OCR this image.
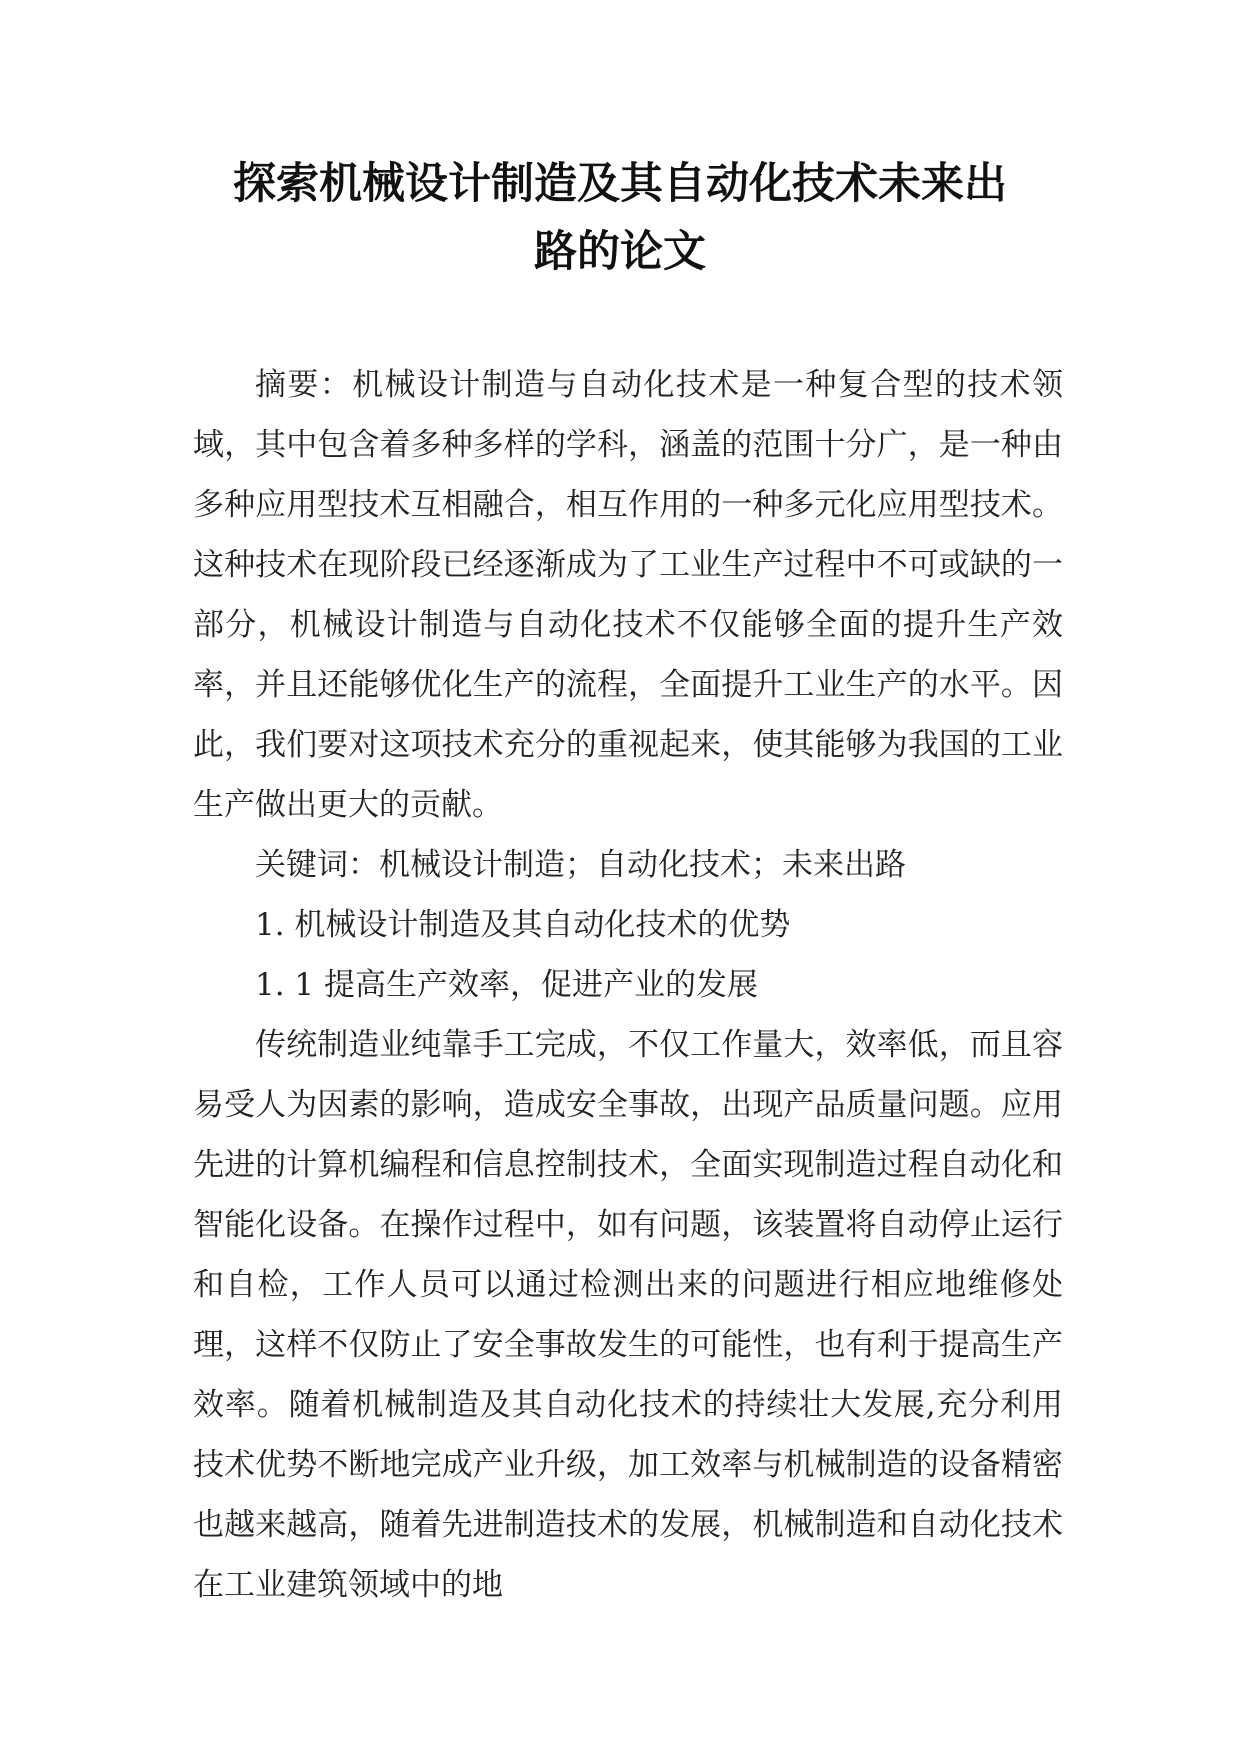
探索机械设计制造及其自动化技术未来出
路的论文

摘要：机械设计制造与自动化技术是一种复合型的技术领域，其中包含着多种多样的学科，涵盖的范围十分广，是一种由多种应用型技术互相融合，相互作用的一种多元化应用型技术。这种技术在现阶段已经逐渐成为了工业生产过程中不可或缺的一部分，机械设计制造与自动化技术不仅能够全面的提升生产效率，并且还能够优化生产的流程，全面提升工业生产的水平。因此，我们要对这项技术充分的重视起来，使其能够为我国的工业生产做出更大的贡献。

关键词：机械设计制造；自动化技术；未来出路

1. 机械设计制造及其自动化技术的优势

1. 1 提高生产效率，促进产业的发展

传统制造业纯靠手工完成，不仅工作量大，效率低，而且容易受人为因素的影响，造成安全事故，出现产品质量问题。应用先进的计算机编程和信息控制技术，全面实现制造过程自动化和智能化设备。在操作过程中，如有问题，该装置将自动停止运行和自检，工作人员可以通过检测出来的问题进行相应地维修处理，这样不仅防止了安全事故发生的可能性，也有利于提高生产效率。随着机械制造及其自动化技术的持续壮大发展,充分利用技术优势不断地完成产业升级，加工效率与机械制造的设备精密也越来越高，随着先进制造技术的发展，机械制造和自动化技术在工业建筑领域中的地
